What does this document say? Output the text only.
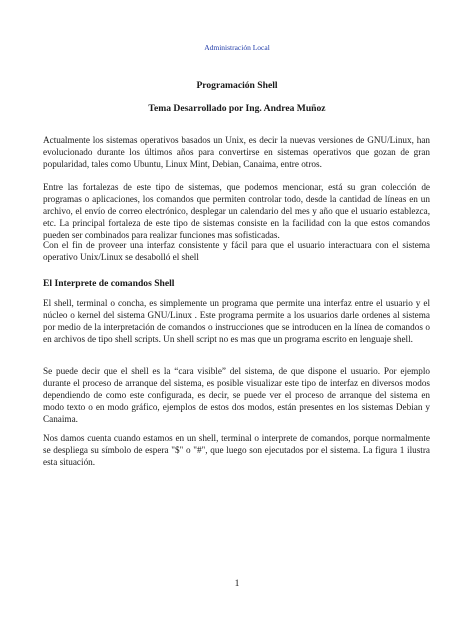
Administración Local
Programación Shell
Tema Desarrollado por Ing. Andrea Muñoz

Actualmente los sistemas operativos basados un Unix, es decir la nuevas versiones de GNU/Linux, han evolucionado durante los últimos años para convertirse en sistemas operativos que gozan de gran popularidad, tales como Ubuntu, Linux Mint, Debian, Canaima, entre otros.

Entre las fortalezas de este tipo de sistemas, que podemos mencionar, está su gran colección de programas o aplicaciones, los comandos que permiten controlar todo, desde la cantidad de líneas en un archivo, el envío de correo electrónico, desplegar un calendario del mes y año que el usuario establezca, etc. La principal fortaleza de este tipo de sistemas consiste en la facilidad con la que estos comandos pueden ser combinados para realizar funciones mas sofisticadas.

Con el fin de proveer una interfaz consistente y fácil para que el usuario interactuara con el sistema operativo Unix/Linux se desabolló el shell

El Interprete de comandos Shell

El shell, terminal o concha, es simplemente un programa que permite una interfaz entre el usuario y el núcleo o kernel del sistema GNU/Linux . Este programa permite a los usuarios darle ordenes al sistema por medio de la interpretación de comandos o instrucciones que se introducen en la línea de comandos o en archivos de tipo shell scripts. Un shell script no es mas que un programa escrito en lenguaje shell.

Se puede decir que el shell es la “cara visible” del sistema, de que dispone el usuario. Por ejemplo durante el proceso de arranque del sistema, es posible visualizar este tipo de interfaz en diversos modos dependiendo de como este configurada, es decir, se puede ver el proceso de arranque del sistema en modo texto o en modo gráfico, ejemplos de estos dos modos, están presentes en los sistemas Debian y Canaima.

Nos damos cuenta cuando estamos en un shell, terminal o interprete de comandos, porque normalmente se despliega su símbolo de espera "$" o "#", que luego son ejecutados por el sistema. La figura 1 ilustra esta situación.

1
